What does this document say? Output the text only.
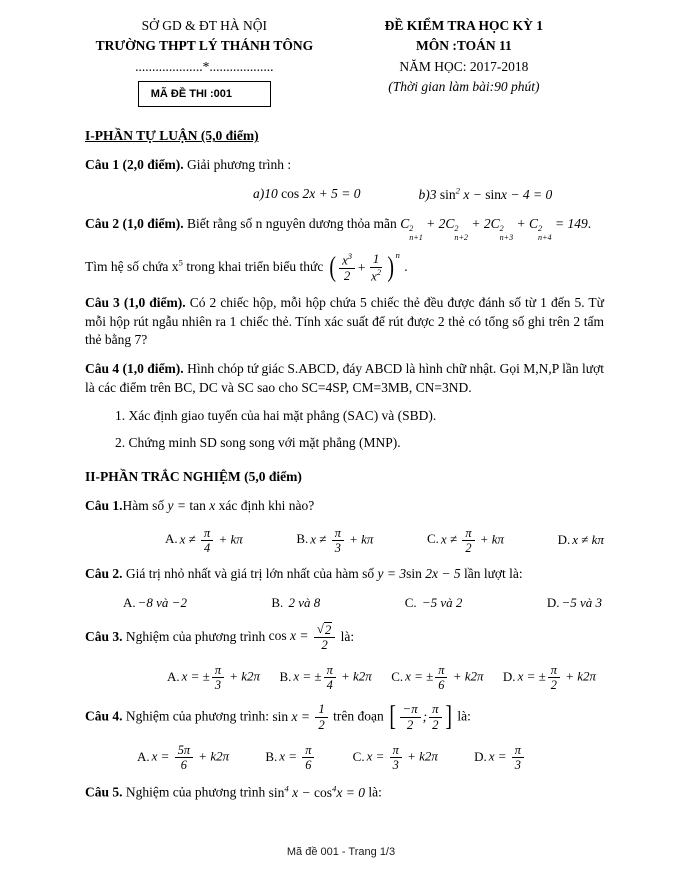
SỞ GD & ĐT HÀ NỘI
TRƯỜNG THPT LÝ THÁNH TÔNG
....................*...................
MÃ ĐỀ THI :001
ĐỀ KIỂM TRA HỌC KỲ 1
MÔN :TOÁN 11
NĂM HỌC: 2017-2018
(Thời gian làm bài:90 phút)
I-PHẦN TỰ LUẬN (5,0 điểm)

Câu 1 (2,0 điểm). Giải phương trình :

a)10 cos 2x + 5 = 0	b)3 $\sin^2 x - \sin x - 4 = 0$

Câu 2 (1,0 điểm). Biết rằng số n nguyên dương thỏa mãn C 2
n+1
+ 2C 2
n+2
+ 2C 2
n+3
+ C 2
n+4
= 149.

Tìm hệ số chứa $x^5$ trong khai triển biểu thức ( $\frac{x^3}{2} + \frac{1}{x^2} )^n$
.

Câu 3 (1,0 điểm). Có 2 chiếc hộp, mỗi hộp chứa 5 chiếc thẻ đều được đánh số từ 1 đến 5. Từ mỗi hộp rút ngẫu nhiên ra 1 chiếc thẻ. Tính xác suất để rút được 2 thẻ có tổng số ghi trên 2 tấm thẻ bằng 7?

Câu 4 (1,0 điểm). Hình chóp tứ giác S.ABCD, đáy ABCD là hình chữ nhật. Gọi M,N,P lần lượt là các điểm trên BC, DC và SC sao cho SC=4SP, CM=3MB, CN=3ND.

1. Xác định giao tuyến của hai mặt phẳng (SAC) và (SBD).
2. Chứng minh SD song song với mặt phẳng (MNP).
II-PHẦN TRẮC NGHIỆM (5,0 điểm)

Câu 1.Hàm số y = tan x xác định khi nào?

A. $x \ne \frac{\pi}{4} + k\pi$	B. $x \ne \frac{\pi}{3} + k\pi$	C. $x \ne \frac{\pi}{2} + k\pi$	D. x ≠ kπ

Câu 2. Giá trị nhỏ nhất và giá trị lớn nhất của hàm số y = 3sin 2x − 5 lần lượt là:

A. −8 và −2	B. 2 và 8	C. −5 và 2	D. −5 và 3

Câu 3. Nghiệm của phương trình $\cos x = \frac{√ 2}{2}$ là:

A. x = ± $\frac{\pi}{3} + k2\pi$ B. x = ± $\frac{\pi}{4} + k2\pi$ C. x = ± $\frac{\pi}{6} + k2\pi$ D. x = ± $\frac{\pi}{2} + k2\pi$

Câu 4. Nghiệm của phương trình: $\sin x = \frac{1}{2}$ trên đoạn [ $\frac{-\pi}{2}$ ; $\frac{\pi}{2}$ ] là:

A. $x = \frac{5\pi}{6} + k2\pi$	B. $x = \frac{\pi}{6}$	C. $x = \frac{\pi}{3} + k2\pi$	D. $x = \frac{\pi}{3}$

Câu 5. Nghiệm của phương trình $\sin^4 x - \cos^4x = 0$ là:

Mã đề 001 - Trang 1/3
